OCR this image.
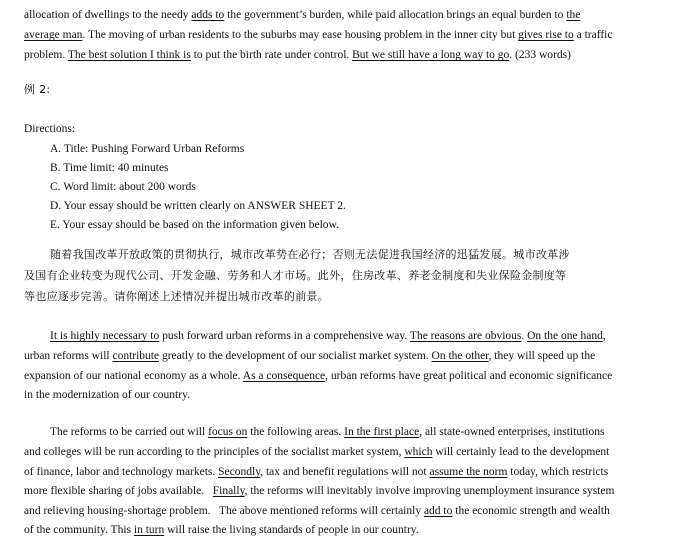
allocation of dwellings to the needy adds to the government’s burden, while paid allocation brings an equal burden to the
average man. The moving of urban residents to the suburbs may ease housing problem in the inner city but gives rise to a traffic
problem. The best solution I think is to put the birth rate under control. But we still have a long way to go. (233 words)
例 2:
Directions:
A. Title: Pushing Forward Urban Reforms
B. Time limit: 40 minutes
C. Word limit: about 200 words
D. Your essay should be written clearly on ANSWER SHEET 2.
E. Your essay should be based on the information given below.
随着我国改革开放政策的贯彻执行，城市改革势在必行；否则无法促进我国经济的迅猛发展。城市改革涉
及国有企业转变为现代公司、开发金融、劳务和人才市场。此外，住房改革、养老金制度和失业保险金制度等
等也应逐步完善。请你阐述上述情况并提出城市改革的前景。
It is highly necessary to push forward urban reforms in a comprehensive way. The reasons are obvious. On the one hand,
urban reforms will contribute greatly to the development of our socialist market system. On the other, they will speed up the
expansion of our national economy as a whole. As a consequence, urban reforms have great political and economic significance
in the modernization of our country.
The reforms to be carried out will focus on the following areas. In the first place, all state-owned enterprises, institutions
and colleges will be run according to the principles of the socialist market system, which will certainly lead to the development
of finance, labor and technology markets. Secondly, tax and benefit regulations will not assume the norm today, which restricts
more flexible sharing of jobs available.   Finally, the reforms will inevitably involve improving unemployment insurance system
and relieving housing-shortage problem.   The above mentioned reforms will certainly add to the economic strength and wealth
of the community. This in turn will raise the living standards of people in our country.
